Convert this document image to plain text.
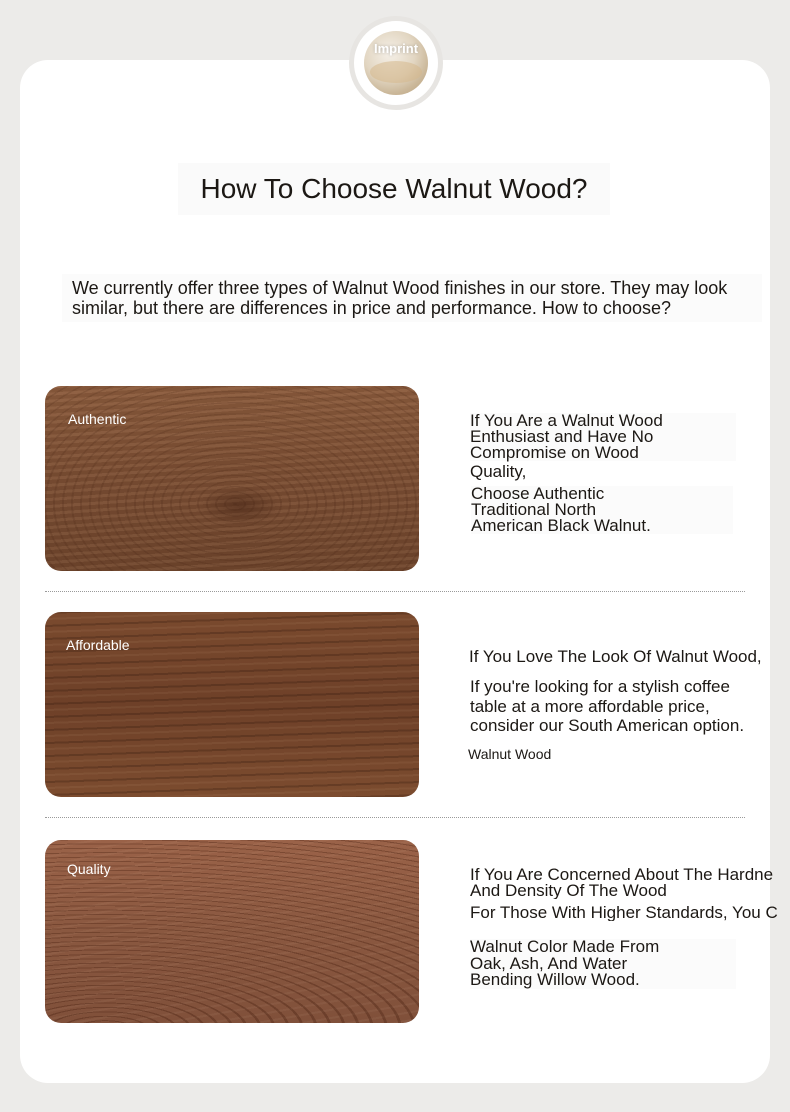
Imprint
How To Choose Walnut Wood?
We currently offer three types of Walnut Wood finishes in our store. They may look similar, but there are differences in price and performance. How to choose?
Authentic	If You Are a Walnut Wood
Enthusiast and Have No
Compromise on Wood
Quality,
Choose Authentic
Traditional North
American Black Walnut.
Affordable
If You Love The Look Of Walnut Wood,
If you're looking for a stylish coffee
table at a more affordable price,
consider our South American option.
Walnut Wood
Quality	If You Are Concerned About The Hardne
And Density Of The Wood
For Those With Higher Standards, You C
Walnut Color Made From
Oak, Ash, And Water
Bending Willow Wood.
